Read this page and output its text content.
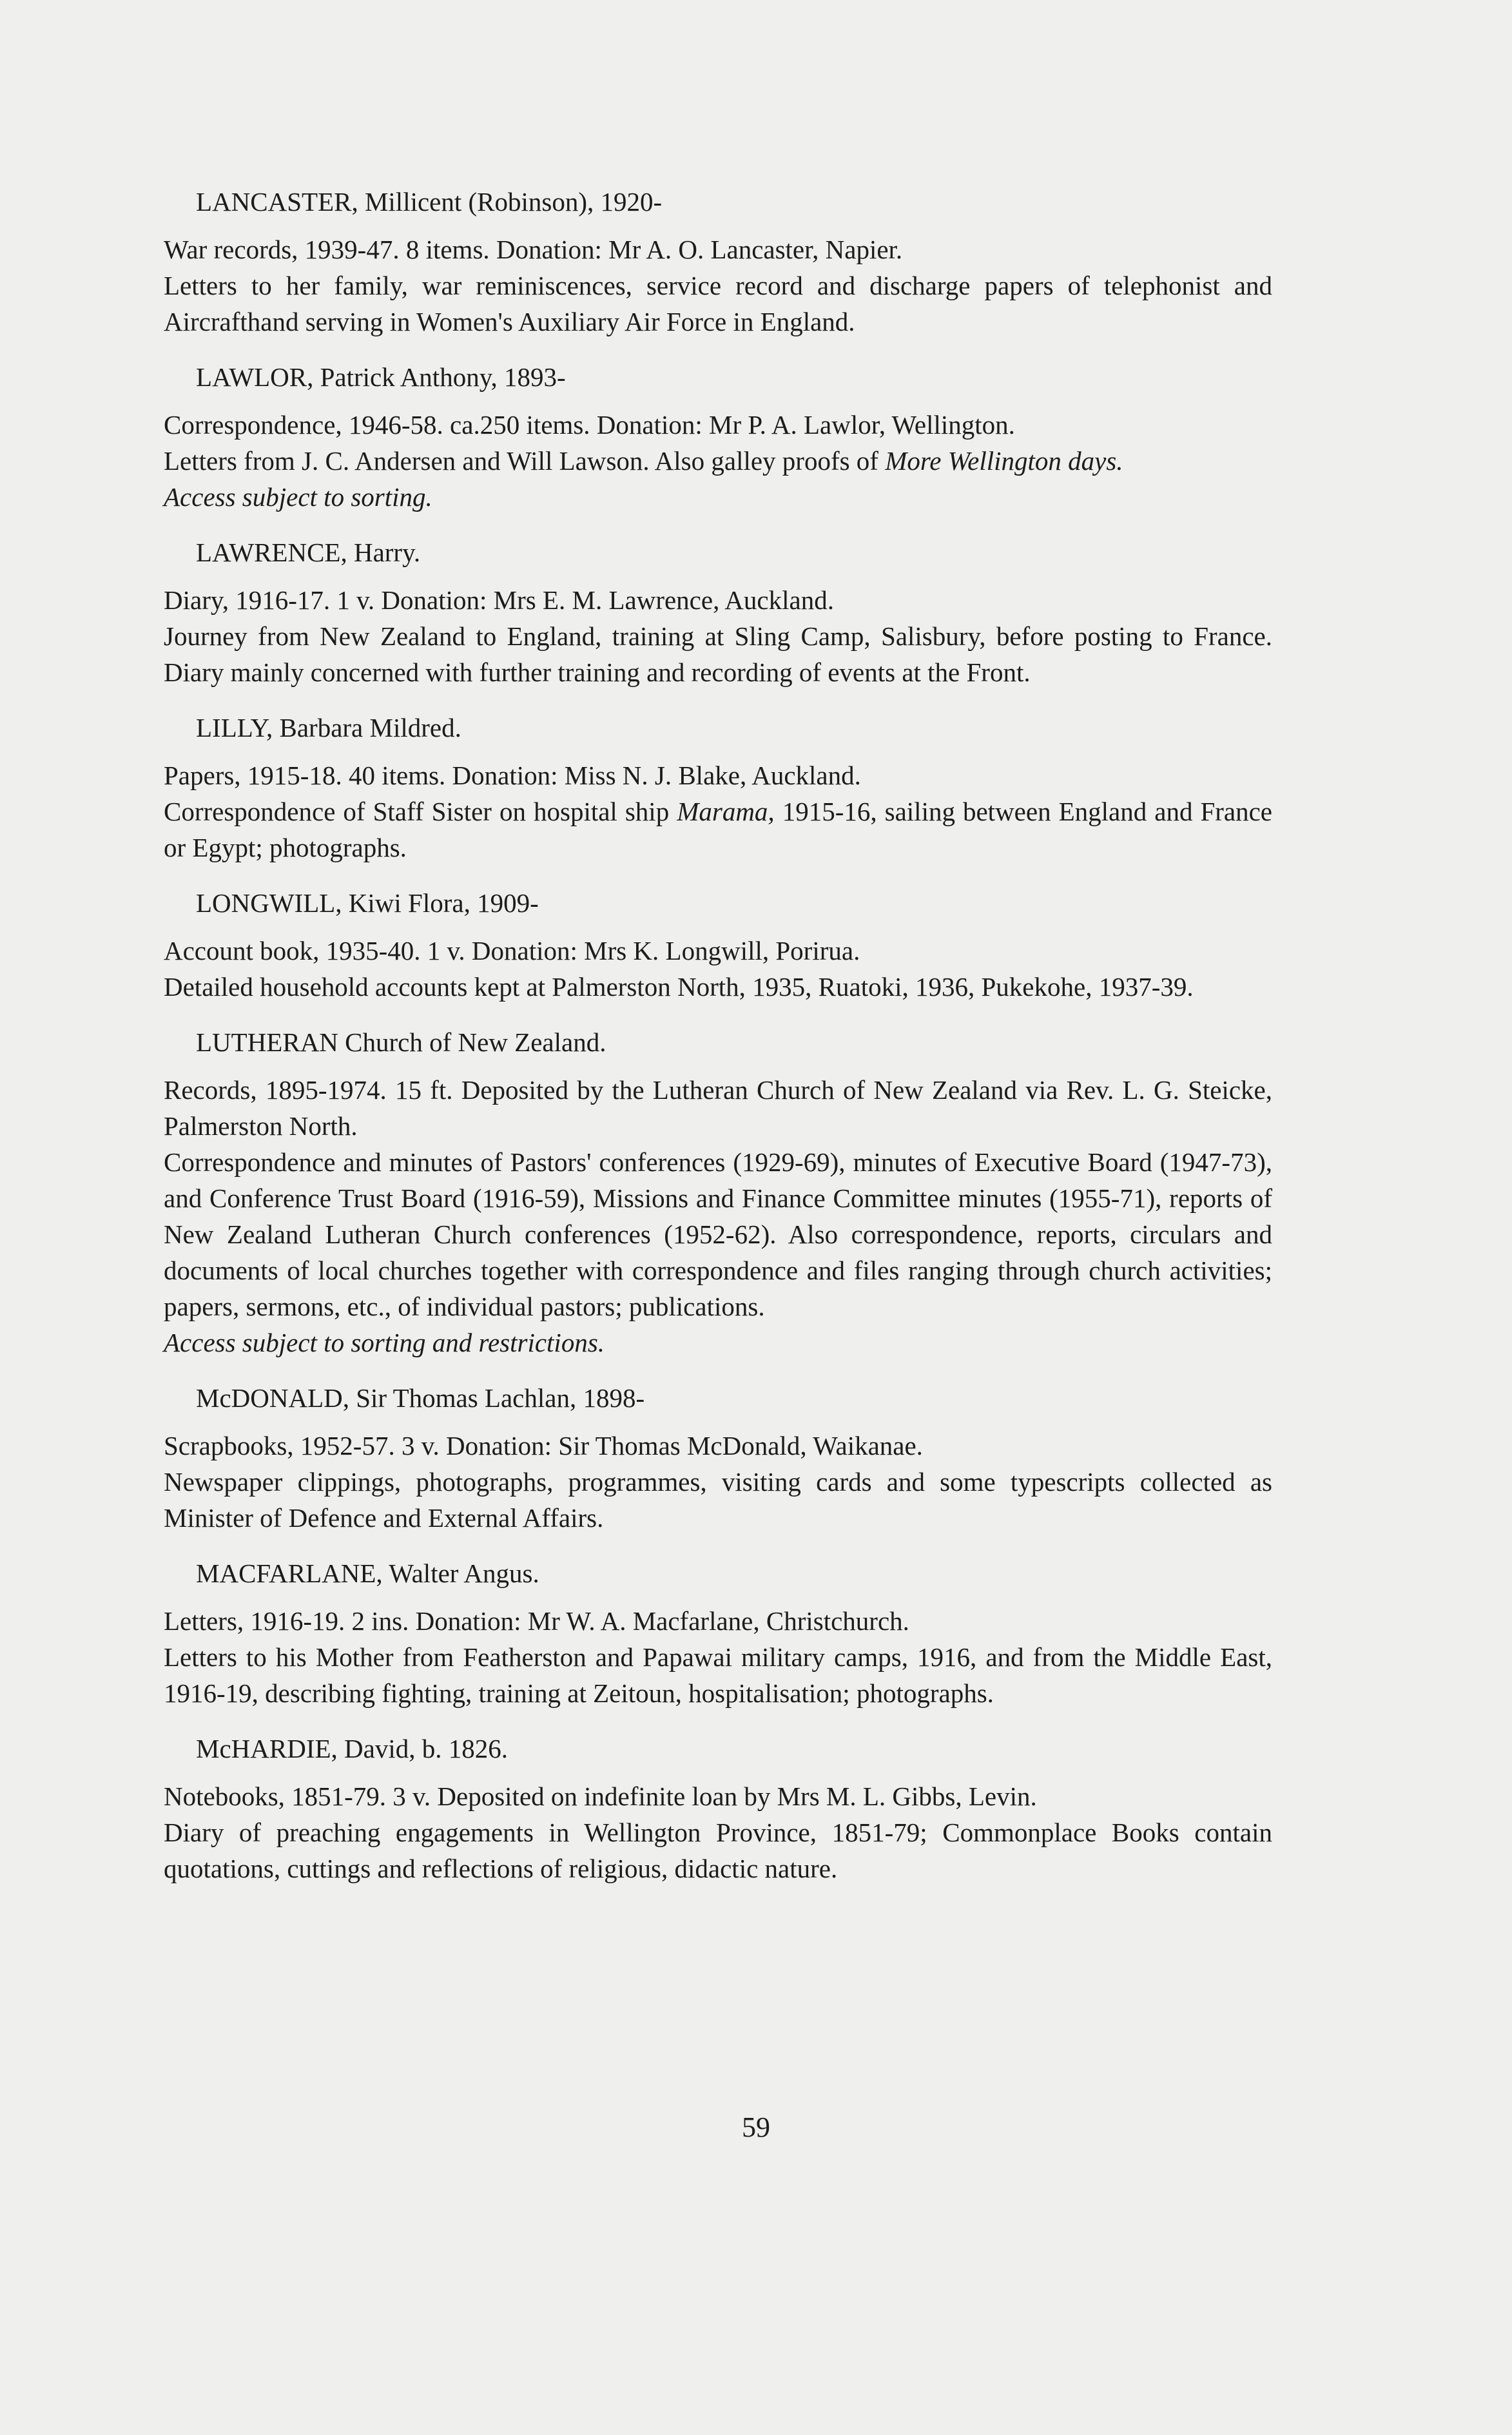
LANCASTER, Millicent (Robinson), 1920-
War records, 1939-47. 8 items. Donation: Mr A. O. Lancaster, Napier.
Letters to her family, war reminiscences, service record and discharge papers of telephonist and Aircrafthand serving in Women's Auxiliary Air Force in England.
LAWLOR, Patrick Anthony, 1893-
Correspondence, 1946-58. ca.250 items. Donation: Mr P. A. Lawlor, Wellington.
Letters from J. C. Andersen and Will Lawson. Also galley proofs of More Wellington days.
Access subject to sorting.
LAWRENCE, Harry.
Diary, 1916-17. 1 v. Donation: Mrs E. M. Lawrence, Auckland.
Journey from New Zealand to England, training at Sling Camp, Salisbury, before posting to France. Diary mainly concerned with further training and recording of events at the Front.
LILLY, Barbara Mildred.
Papers, 1915-18. 40 items. Donation: Miss N. J. Blake, Auckland.
Correspondence of Staff Sister on hospital ship Marama, 1915-16, sailing between England and France or Egypt; photographs.
LONGWILL, Kiwi Flora, 1909-
Account book, 1935-40. 1 v. Donation: Mrs K. Longwill, Porirua.
Detailed household accounts kept at Palmerston North, 1935, Ruatoki, 1936, Pukekohe, 1937-39.
LUTHERAN Church of New Zealand.
Records, 1895-1974. 15 ft. Deposited by the Lutheran Church of New Zealand via Rev. L. G. Steicke, Palmerston North.
Correspondence and minutes of Pastors' conferences (1929-69), minutes of Executive Board (1947-73), and Conference Trust Board (1916-59), Missions and Finance Committee minutes (1955-71), reports of New Zealand Lutheran Church conferences (1952-62). Also correspondence, reports, circulars and documents of local churches together with correspondence and files ranging through church activities; papers, sermons, etc., of individual pastors; publications.
Access subject to sorting and restrictions.
McDONALD, Sir Thomas Lachlan, 1898-
Scrapbooks, 1952-57. 3 v. Donation: Sir Thomas McDonald, Waikanae.
Newspaper clippings, photographs, programmes, visiting cards and some typescripts collected as Minister of Defence and External Affairs.
MACFARLANE, Walter Angus.
Letters, 1916-19. 2 ins. Donation: Mr W. A. Macfarlane, Christchurch.
Letters to his Mother from Featherston and Papawai military camps, 1916, and from the Middle East, 1916-19, describing fighting, training at Zeitoun, hospitalisation; photographs.
McHARDIE, David, b. 1826.
Notebooks, 1851-79. 3 v. Deposited on indefinite loan by Mrs M. L. Gibbs, Levin.
Diary of preaching engagements in Wellington Province, 1851-79; Commonplace Books contain quotations, cuttings and reflections of religious, didactic nature.
59
